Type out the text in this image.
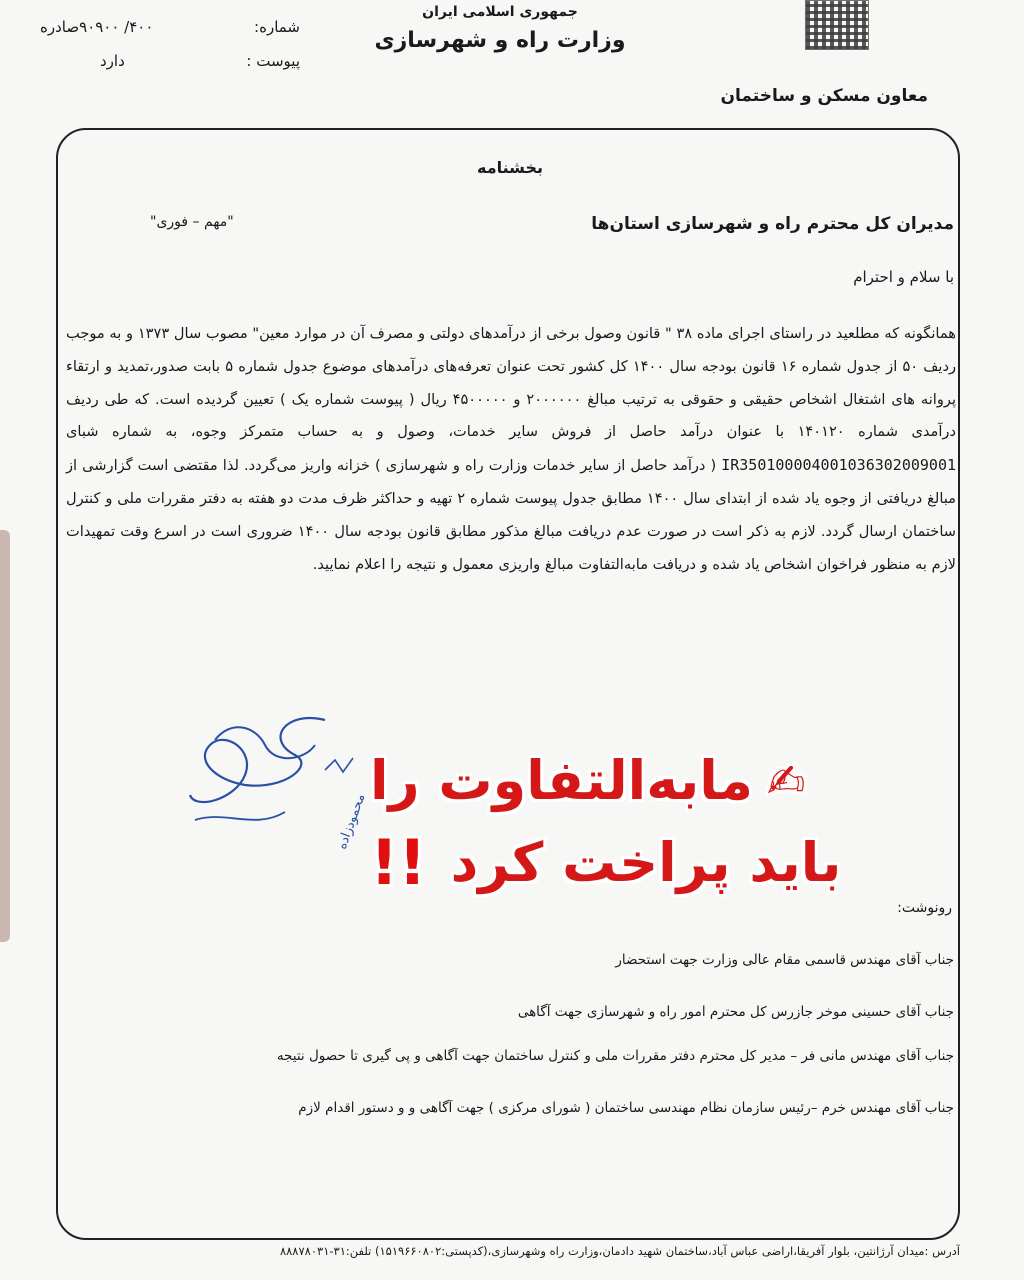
شماره:
۴۰۰/ ۹۰۹۰۰صادره
پیوست :
دارد
جمهوری اسلامی ایران
وزارت راه و شهرسازی
معاون مسکن و ساختمان
بخشنامه
مدیران کل محترم راه و شهرسازی استان‌ها
"مهم – فوری"
با سلام و احترام

همانگونه که مطلعید در راستای اجرای ماده ۳۸ " قانون وصول برخی از درآمدهای دولتی و مصرف آن در موارد معین" مصوب سال ۱۳۷۳ و به موجب ردیف ۵۰ از جدول شماره ۱۶ قانون بودجه سال ۱۴۰۰ کل کشور تحت عنوان تعرفه‌های درآمدهای موضوع جدول شماره ۵ بابت صدور،تمدید و ارتقاء پروانه های اشتغال اشخاص حقیقی و حقوقی به ترتیب مبالغ ۲۰۰۰۰۰۰ و ۴۵۰۰۰۰۰ ریال ( پیوست شماره یک ) تعیین گردیده است. که طی ردیف درآمدی شماره ۱۴۰۱۲۰ با عنوان درآمد حاصل از فروش سایر خدمات، وصول و به حساب متمرکز وجوه، به شماره شبای IR350100004001036302009001 ( درآمد حاصل از سایر خدمات وزارت راه و شهرسازی ) خزانه واریز می‌گردد. لذا مقتضی است گزارشی از مبالغ دریافتی از وجوه یاد شده از ابتدای سال ۱۴۰۰ مطابق جدول پیوست شماره ۲ تهیه و حداکثر ظرف مدت دو هفته به دفتر مقررات ملی و کنترل ساختمان ارسال گردد. لازم به ذکر است در صورت عدم دریافت مبالغ مذکور مطابق قانون بودجه سال ۱۴۰۰ ضروری است در اسرع وقت تمهیدات لازم به منظور فراخوان اشخاص یاد شده و دریافت مابه‌التفاوت مبالغ واریزی معمول و نتیجه را اعلام نمایید.

محمودزاده
✍
مابه‌التفاوت را
باید پراخت کرد
!!
رونوشت:
جناب آقای مهندس قاسمی مقام عالی وزارت جهت استحضار
جناب آقای حسینی موخر جازرس کل محترم امور راه و شهرسازی جهت آگاهی
جناب آقای مهندس مانی فر – مدیر کل محترم دفتر مقررات ملی و کنترل ساختمان جهت آگاهی و پی گیری تا حصول نتیجه
جناب آقای مهندس خرم –رئیس سازمان نظام مهندسی ساختمان ( شورای مرکزی ) جهت آگاهی و و دستور اقدام لازم
آدرس :میدان آرژانتین، بلوار آفریقا،اراضی عباس آباد،ساختمان شهید دادمان،وزارت راه وشهرسازی،(کدپستی:۱۵۱۹۶۶۰۸۰۲) تلفن:۳۱-۸۸۸۷۸۰۳۱
